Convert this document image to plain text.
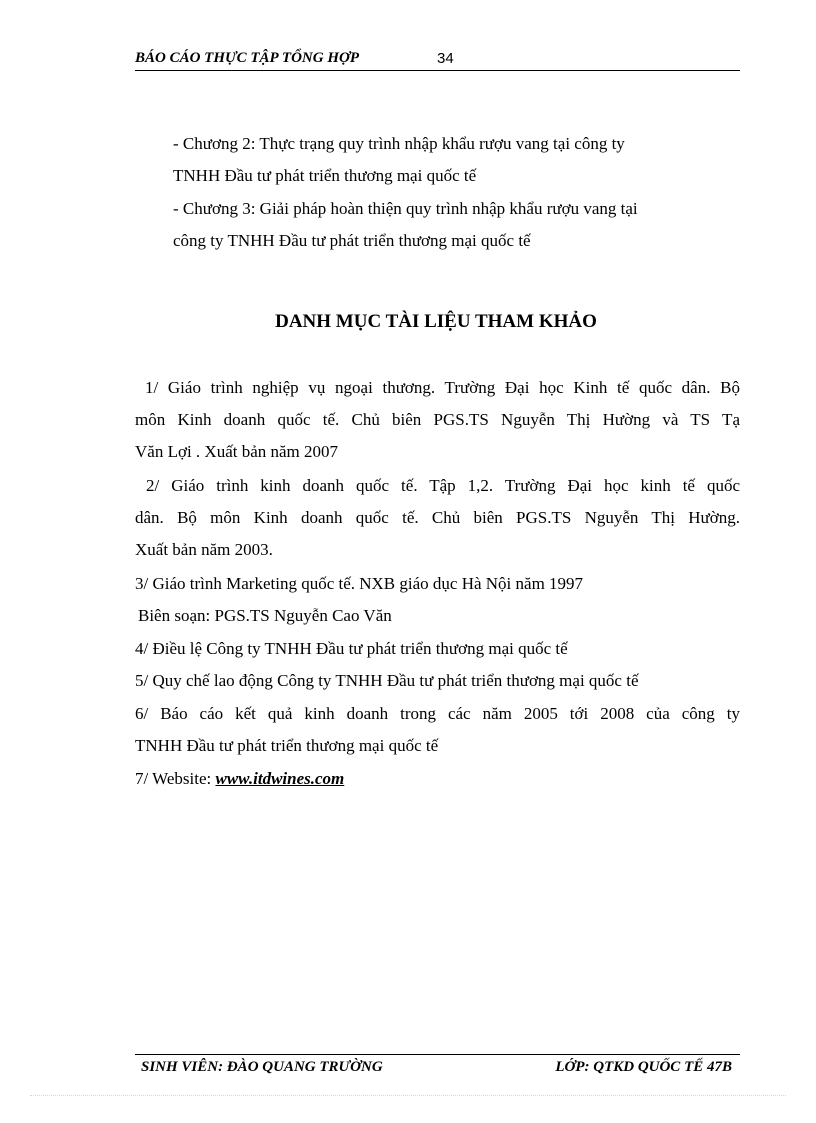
BÁO CÁO THỰC TẬP TỔNG HỢP	34
- Chương 2: Thực trạng quy trình nhập khẩu rượu vang tại công ty
TNHH Đầu tư phát triển thương mại quốc tế
- Chương 3: Giải pháp hoàn thiện quy trình nhập khẩu rượu vang tại
công ty TNHH Đầu tư phát triển thương mại quốc tế
DANH MỤC TÀI LIỆU THAM KHẢO
1/ Giáo trình nghiệp vụ ngoại thương. Trường Đại học Kinh tế quốc dân. Bộ
môn Kinh doanh quốc tế. Chủ biên PGS.TS Nguyễn Thị Hường và TS Tạ
Văn Lợi . Xuất bản năm 2007
2/ Giáo trình kinh doanh quốc tế. Tập 1,2. Trường Đại học kinh tế quốc
dân. Bộ môn Kinh doanh quốc tế. Chủ biên PGS.TS Nguyễn Thị Hường.
Xuất bản năm 2003.
3/ Giáo trình Marketing quốc tế. NXB giáo dục Hà Nội năm 1997
Biên soạn: PGS.TS Nguyễn Cao Văn
4/ Điều lệ Công ty TNHH Đầu tư phát triển thương mại quốc tế
5/ Quy chế lao động Công ty TNHH Đầu tư phát triển thương mại quốc tế
6/ Báo cáo kết quả kinh doanh trong các năm 2005 tới 2008 của công ty
TNHH Đầu tư phát triển thương mại quốc tế
7/ Website: www.itdwines.com
SINH VIÊN: ĐÀO QUANG TRƯỜNG	LỚP: QTKD QUỐC TẾ 47B
